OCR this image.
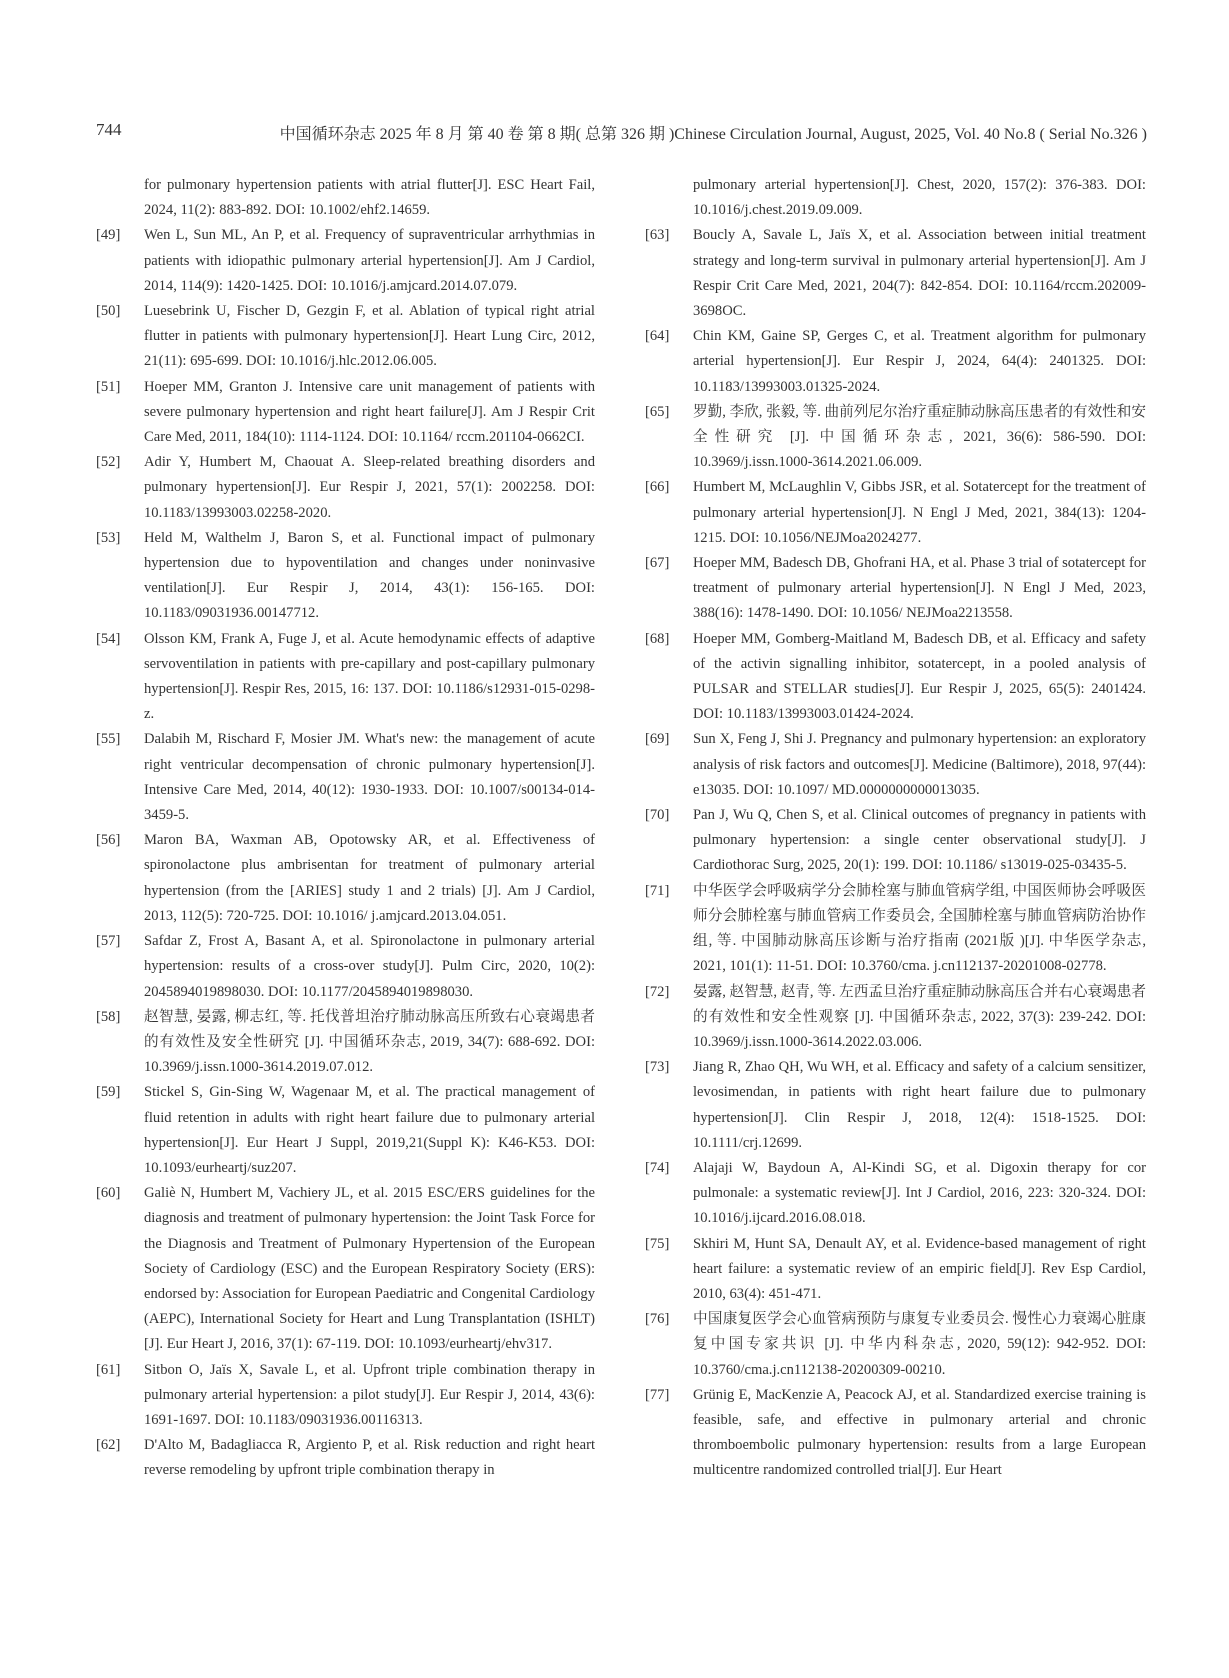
744	中国循环杂志 2025 年 8 月 第 40 卷 第 8 期( 总第 326 期 )Chinese Circulation Journal, August, 2025, Vol. 40 No.8 ( Serial No.326 )
for pulmonary hypertension patients with atrial flutter[J]. ESC Heart Fail, 2024, 11(2): 883-892. DOI: 10.1002/ehf2.14659.
[49]	Wen L, Sun ML, An P, et al. Frequency of supraventricular arrhythmias in patients with idiopathic pulmonary arterial hypertension[J]. Am J Cardiol, 2014, 114(9): 1420-1425. DOI: 10.1016/j.amjcard.2014.07.079.
[50]	Luesebrink U, Fischer D, Gezgin F, et al. Ablation of typical right atrial flutter in patients with pulmonary hypertension[J]. Heart Lung Circ, 2012, 21(11): 695-699. DOI: 10.1016/j.hlc.2012.06.005.
[51]	Hoeper MM, Granton J. Intensive care unit management of patients with severe pulmonary hypertension and right heart failure[J]. Am J Respir Crit Care Med, 2011, 184(10): 1114-1124. DOI: 10.1164/ rccm.201104-0662CI.
[52]	Adir Y, Humbert M, Chaouat A. Sleep-related breathing disorders and pulmonary hypertension[J]. Eur Respir J, 2021, 57(1): 2002258. DOI: 10.1183/13993003.02258-2020.
[53]	Held M, Walthelm J, Baron S, et al. Functional impact of pulmonary hypertension due to hypoventilation and changes under noninvasive ventilation[J]. Eur Respir J, 2014, 43(1): 156-165. DOI: 10.1183/09031936.00147712.
[54]	Olsson KM, Frank A, Fuge J, et al. Acute hemodynamic effects of adaptive servoventilation in patients with pre-capillary and post-capillary pulmonary hypertension[J]. Respir Res, 2015, 16: 137. DOI: 10.1186/s12931-015-0298-z.
[55]	Dalabih M, Rischard F, Mosier JM. What's new: the management of acute right ventricular decompensation of chronic pulmonary hypertension[J]. Intensive Care Med, 2014, 40(12): 1930-1933. DOI: 10.1007/s00134-014-3459-5.
[56]	Maron BA, Waxman AB, Opotowsky AR, et al. Effectiveness of spironolactone plus ambrisentan for treatment of pulmonary arterial hypertension (from the [ARIES] study 1 and 2 trials) [J]. Am J Cardiol, 2013, 112(5): 720-725. DOI: 10.1016/ j.amjcard.2013.04.051.
[57]	Safdar Z, Frost A, Basant A, et al. Spironolactone in pulmonary arterial hypertension: results of a cross-over study[J]. Pulm Circ, 2020, 10(2): 2045894019898030. DOI: 10.1177/2045894019898030.
[58]	赵智慧, 晏露, 柳志红, 等. 托伐普坦治疗肺动脉高压所致右心衰竭患者的有效性及安全性研究 [J]. 中国循环杂志, 2019, 34(7): 688-692. DOI: 10.3969/j.issn.1000-3614.2019.07.012.
[59]	Stickel S, Gin-Sing W, Wagenaar M, et al. The practical management of fluid retention in adults with right heart failure due to pulmonary arterial hypertension[J]. Eur Heart J Suppl, 2019,21(Suppl K): K46-K53. DOI: 10.1093/eurheartj/suz207.
[60]	Galiè N, Humbert M, Vachiery JL, et al. 2015 ESC/ERS guidelines for the diagnosis and treatment of pulmonary hypertension: the Joint Task Force for the Diagnosis and Treatment of Pulmonary Hypertension of the European Society of Cardiology (ESC) and the European Respiratory Society (ERS): endorsed by: Association for European Paediatric and Congenital Cardiology (AEPC), International Society for Heart and Lung Transplantation (ISHLT)[J]. Eur Heart J, 2016, 37(1): 67-119. DOI: 10.1093/eurheartj/ehv317.
[61]	Sitbon O, Jaïs X, Savale L, et al. Upfront triple combination therapy in pulmonary arterial hypertension: a pilot study[J]. Eur Respir J, 2014, 43(6): 1691-1697. DOI: 10.1183/09031936.00116313.
[62]	D'Alto M, Badagliacca R, Argiento P, et al. Risk reduction and right heart reverse remodeling by upfront triple combination therapy in
pulmonary arterial hypertension[J]. Chest, 2020, 157(2): 376-383. DOI: 10.1016/j.chest.2019.09.009.
[63]	Boucly A, Savale L, Jaïs X, et al. Association between initial treatment strategy and long-term survival in pulmonary arterial hypertension[J]. Am J Respir Crit Care Med, 2021, 204(7): 842-854. DOI: 10.1164/rccm.202009-3698OC.
[64]	Chin KM, Gaine SP, Gerges C, et al. Treatment algorithm for pulmonary arterial hypertension[J]. Eur Respir J, 2024, 64(4): 2401325. DOI: 10.1183/13993003.01325-2024.
[65]	罗勤, 李欣, 张毅, 等. 曲前列尼尔治疗重症肺动脉高压患者的有效性和安全性研究 [J]. 中国循环杂志, 2021, 36(6): 586-590. DOI: 10.3969/j.issn.1000-3614.2021.06.009.
[66]	Humbert M, McLaughlin V, Gibbs JSR, et al. Sotatercept for the treatment of pulmonary arterial hypertension[J]. N Engl J Med, 2021, 384(13): 1204-1215. DOI: 10.1056/NEJMoa2024277.
[67]	Hoeper MM, Badesch DB, Ghofrani HA, et al. Phase 3 trial of sotatercept for treatment of pulmonary arterial hypertension[J]. N Engl J Med, 2023, 388(16): 1478-1490. DOI: 10.1056/ NEJMoa2213558.
[68]	Hoeper MM, Gomberg-Maitland M, Badesch DB, et al. Efficacy and safety of the activin signalling inhibitor, sotatercept, in a pooled analysis of PULSAR and STELLAR studies[J]. Eur Respir J, 2025, 65(5): 2401424. DOI: 10.1183/13993003.01424-2024.
[69]	Sun X, Feng J, Shi J. Pregnancy and pulmonary hypertension: an exploratory analysis of risk factors and outcomes[J]. Medicine (Baltimore), 2018, 97(44): e13035. DOI: 10.1097/ MD.0000000000013035.
[70]	Pan J, Wu Q, Chen S, et al. Clinical outcomes of pregnancy in patients with pulmonary hypertension: a single center observational study[J]. J Cardiothorac Surg, 2025, 20(1): 199. DOI: 10.1186/ s13019-025-03435-5.
[71]	中华医学会呼吸病学分会肺栓塞与肺血管病学组, 中国医师协会呼吸医师分会肺栓塞与肺血管病工作委员会, 全国肺栓塞与肺血管病防治协作组, 等. 中国肺动脉高压诊断与治疗指南 (2021版 )[J]. 中华医学杂志, 2021, 101(1): 11-51. DOI: 10.3760/cma. j.cn112137-20201008-02778.
[72]	晏露, 赵智慧, 赵青, 等. 左西孟旦治疗重症肺动脉高压合并右心衰竭患者的有效性和安全性观察 [J]. 中国循环杂志, 2022, 37(3): 239-242. DOI: 10.3969/j.issn.1000-3614.2022.03.006.
[73]	Jiang R, Zhao QH, Wu WH, et al. Efficacy and safety of a calcium sensitizer, levosimendan, in patients with right heart failure due to pulmonary hypertension[J]. Clin Respir J, 2018, 12(4): 1518-1525. DOI: 10.1111/crj.12699.
[74]	Alajaji W, Baydoun A, Al-Kindi SG, et al. Digoxin therapy for cor pulmonale: a systematic review[J]. Int J Cardiol, 2016, 223: 320-324. DOI: 10.1016/j.ijcard.2016.08.018.
[75]	Skhiri M, Hunt SA, Denault AY, et al. Evidence-based management of right heart failure: a systematic review of an empiric field[J]. Rev Esp Cardiol, 2010, 63(4): 451-471.
[76]	中国康复医学会心血管病预防与康复专业委员会. 慢性心力衰竭心脏康复中国专家共识 [J]. 中华内科杂志, 2020, 59(12): 942-952. DOI: 10.3760/cma.j.cn112138-20200309-00210.
[77]	Grünig E, MacKenzie A, Peacock AJ, et al. Standardized exercise training is feasible, safe, and effective in pulmonary arterial and chronic thromboembolic pulmonary hypertension: results from a large European multicentre randomized controlled trial[J]. Eur Heart
